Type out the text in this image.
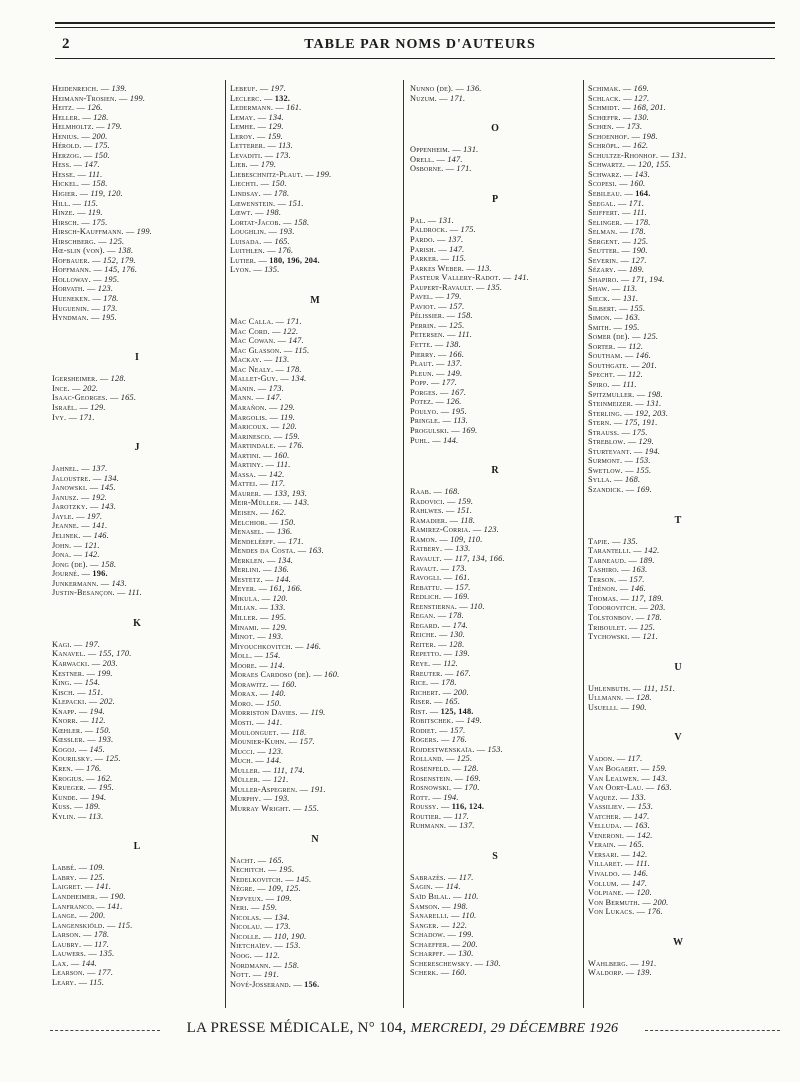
2	TABLE PAR NOMS D'AUTEURS
Heidenreich. — 139.
Heimann-Trosien. — 199.
Heitz. — 126.
Heller. — 128.
Helmholtz. — 179.
Henius. — 200.
Hérold. — 175.
Herzog. — 150.
Hess. — 147.
Hesse. — 111.
Hickel. — 158.
Higier. — 119, 120.
Hill. — 115.
Hinze. — 119.
Hirsch. — 175.
Hirsch-Kauffmann. — 199.
Hirschberg. — 125.
Hœ-slin (von). — 138.
Hofbauer. — 152, 179.
Hoffmann. — 145, 176.
Holloway. — 195.
Horvath. — 123.
Hueneken. — 178.
Huguenin. — 173.
Hyndman. — 195.
I
Igersheimer. — 128.
Ince. — 202.
Isaac-Georges. — 165.
Israël. — 129.
Ivy. — 171.
J
Jahnel. — 137.
Jaloustre. — 134.
Janowski. — 145.
Janusz. — 192.
Jarotzky. — 143.
Jayle. — 197.
Jeanne. — 141.
Jelinek. — 146.
John. — 121.
Jona. — 142.
Jong (de). — 158.
Journé. — 196.
Junkermann. — 143.
Justin-Besançon. — 111.
K
Kagi. — 197.
Kanavel. — 155, 170.
Karwacki. — 203.
Kestner. — 199.
King. — 154.
Kisch. — 151.
Klepacki. — 202.
Knapp. — 194.
Knorr. — 112.
Kœhler. — 150.
Kœssler. — 193.
Kogoj. — 145.
Kourilsky. — 125.
Kren. — 176.
Krogius. — 162.
Krueger. — 195.
Kunde. — 194.
Kuss. — 189.
Kylin. — 113.
L
Labbé. — 109.
Labry. — 125.
Laigret. — 141.
Landheimer. — 190.
Lanfranco. — 141.
Lange. — 200.
Langenskiöld. — 115.
Larson. — 178.
Laubry. — 117.
Lauwers. — 135.
Lax. — 144.
Learson. — 177.
Leary. — 115.
Lebeuf. — 197.
Leclerc. — 132.
Ledermann. — 161.
Lemay. — 134.
Lemhe. — 129.
Leroy. — 159.
Letterer. — 113.
Levaditi. — 173.
Lieb. — 179.
Liebeschnitz-Plaut. — 199.
Liechti. — 150.
Lindsay. — 178.
Lœwenstein. — 151.
Lœwt. — 198.
Lortat-Jacob. — 158.
Loughlin. — 193.
Luisada. — 165.
Luithlen. — 176.
Lutier. — 180, 196, 204.
Lyon. — 135.
M
Mac Calla. — 171.
Mac Cord. — 122.
Mac Cowan. — 147.
Mac Glasson. — 115.
Mackay. — 113.
Mac Nealy. — 178.
Mallet-Guy. — 134.
Manin. — 173.
Mann. — 147.
Marañon. — 129.
Margolis. — 119.
Maricoux. — 120.
Marinesco. — 159.
Martindale. — 176.
Martini. — 160.
Martiny. — 111.
Massa. — 142.
Mattei. — 117.
Maurer. — 133, 193.
Meir-Müller. — 143.
Meisen. — 162.
Melchior. — 150.
Menasel. — 136.
Mendeléeff. — 171.
Mendes da Costa. — 163.
Merklen. — 134.
Merlini. — 136.
Mestetz. — 144.
Meyer. — 161, 166.
Mikula. — 120.
Milian. — 133.
Miller. — 195.
Minami. — 129.
Minot. — 193.
Miyouchkovitch. — 146.
Moll. — 154.
Moore. — 114.
Moraes Cardoso (de). — 160.
Morawitz. — 160.
Moraх. — 140.
Moro. — 150.
Morriston Davies. — 119.
Mosti. — 141.
Moulonguet. — 118.
Mounier-Kuhn. — 157.
Mucci. — 123.
Much. — 144.
Muller. — 111, 174.
Müller. — 121.
Muller-Aspegren. — 191.
Murphy. — 193.
Murray Wright. — 155.
N
Nacht. — 165.
Nechitch. — 195.
Nedelkovitch. — 145.
Nègre. — 109, 125.
Nepveux. — 109.
Neri. — 159.
Nicolas. — 134.
Nicolau. — 173.
Nicolle. — 110, 190.
Nietchaïev. — 153.
Noog. — 112.
Nordmann. — 158.
Nott. — 191.
Nové-Josserand. — 156.
Nunno (de). — 136.
Nuzum. — 171.
O
Oppenheim. — 131.
Orell. — 147.
Osborne. — 171.
P
Pal. — 131.
Paldrock. — 175.
Pardo. — 137.
Parish. — 147.
Parker. — 115.
Parkes Weber. — 113.
Pasteur Vallery-Radot. — 141.
Paupert-Ravault. — 135.
Pavel. — 179.
Paviot. — 157.
Pélissier. — 158.
Perrin. — 125.
Petersen. — 111.
Fette. — 138.
Pierry. — 166.
Plaut. — 137.
Pleun. — 149.
Popp. — 177.
Porges. — 167.
Potez. — 126.
Poulyo. — 195.
Pringle. — 113.
Progulski. — 169.
Puhl. — 144.
R
Raab. — 168.
Radovici. — 159.
Rahlwes. — 151.
Ramadier. — 118.
Ramirez-Corria. — 123.
Ramon. — 109, 110.
Ratbery. — 133.
Ravault. — 117, 134, 166.
Ravaut. — 173.
Ravogli. — 161.
Rebattu. — 157.
Redlich. — 169.
Reenstierna. — 110.
Regan. — 178.
Regard. — 174.
Reiche. — 130.
Reiter. — 128.
Repetto. — 139.
Reye. — 112.
Rreuter. — 167.
Rice. — 178.
Richert. — 200.
Riser. — 165.
Rist. — 125, 148.
Robitschek. — 149.
Rodiet. — 157.
Rogers. — 176.
Rojdestwenskaïa. — 153.
Rolland. — 125.
Rosenfeld. — 128.
Rosenstein. — 169.
Rosnowski. — 170.
Rott. — 194.
Roussy. — 116, 124.
Routier. — 117.
Ruhmann. — 137.
S
Sabrazès. — 117.
Sagin. — 114.
Saïd Bilal. — 110.
Samson. — 198.
Sanarelli. — 110.
Sanger. — 122.
Schadow. — 199.
Schaeffer. — 200.
Scharpff. — 130.
Schereschewsky. — 130.
Scherk. — 160.
Schimak. — 169.
Schlack. — 127.
Schmidt. — 168, 201.
Schœffr. — 130.
Schœn. — 173.
Schoenhof. — 198.
Schröpl. — 162.
Schultze-Rhonhof. — 131.
Schwartz. — 120, 155.
Schwarz. — 143.
Scopesi. — 160.
Sebileau. — 164.
Seegal. — 171.
Seiffert. — 111.
Selinger. — 178.
Selman. — 178.
Sergent. — 125.
Seutter. — 190.
Severin. — 127.
Sézary. — 189.
Shapiro. — 171, 194.
Shaw. — 113.
Sieck. — 131.
Silbert. — 155.
Simon. — 163.
Smith. — 195.
Somer (de). — 125.
Sorter. — 112.
Southam. — 146.
Southgate. — 201.
Specht. — 112.
Spiro. — 111.
Spitzmuller. — 198.
Steinmeizer. — 131.
Sterling. — 192, 203.
Stern. — 175, 191.
Strauss. — 175.
Streblow. — 129.
Sturtevant. — 194.
Surmont. — 153.
Swetlow. — 155.
Sylla. — 168.
Szandick. — 169.
T
Tapie. — 135.
Tarantelli. — 142.
Tarneaud. — 189.
Tashiro. — 163.
Terson. — 157.
Thénon. — 146.
Thomas. — 117, 189.
Todorovitch. — 203.
Tolstonbov. — 178.
Triboulet. — 125.
Tychowski. — 121.
U
Uhlenbuth. — 111, 151.
Ullmann. — 128.
Usuelli. — 190.
V
Vadon. — 117.
Van Bogaert. — 159.
Van Lealwen. — 143.
Van Oort-Lau. — 163.
Vaquez. — 133.
Vassiliev. — 153.
Vatcher. — 147.
Velluda. — 163.
Veneroni. — 142.
Verain. — 165.
Versari. — 142.
Villaret. — 111.
Vivaldo. — 146.
Vollum. — 147.
Volpiane. — 120.
Von Bermuth. — 200.
Von Lukacs. — 176.
W
Wahlberg. — 191.
Waldorp. — 139.
LA PRESSE MÉDICALE, N° 104, MERCREDI, 29 DÉCEMBRE 1926
